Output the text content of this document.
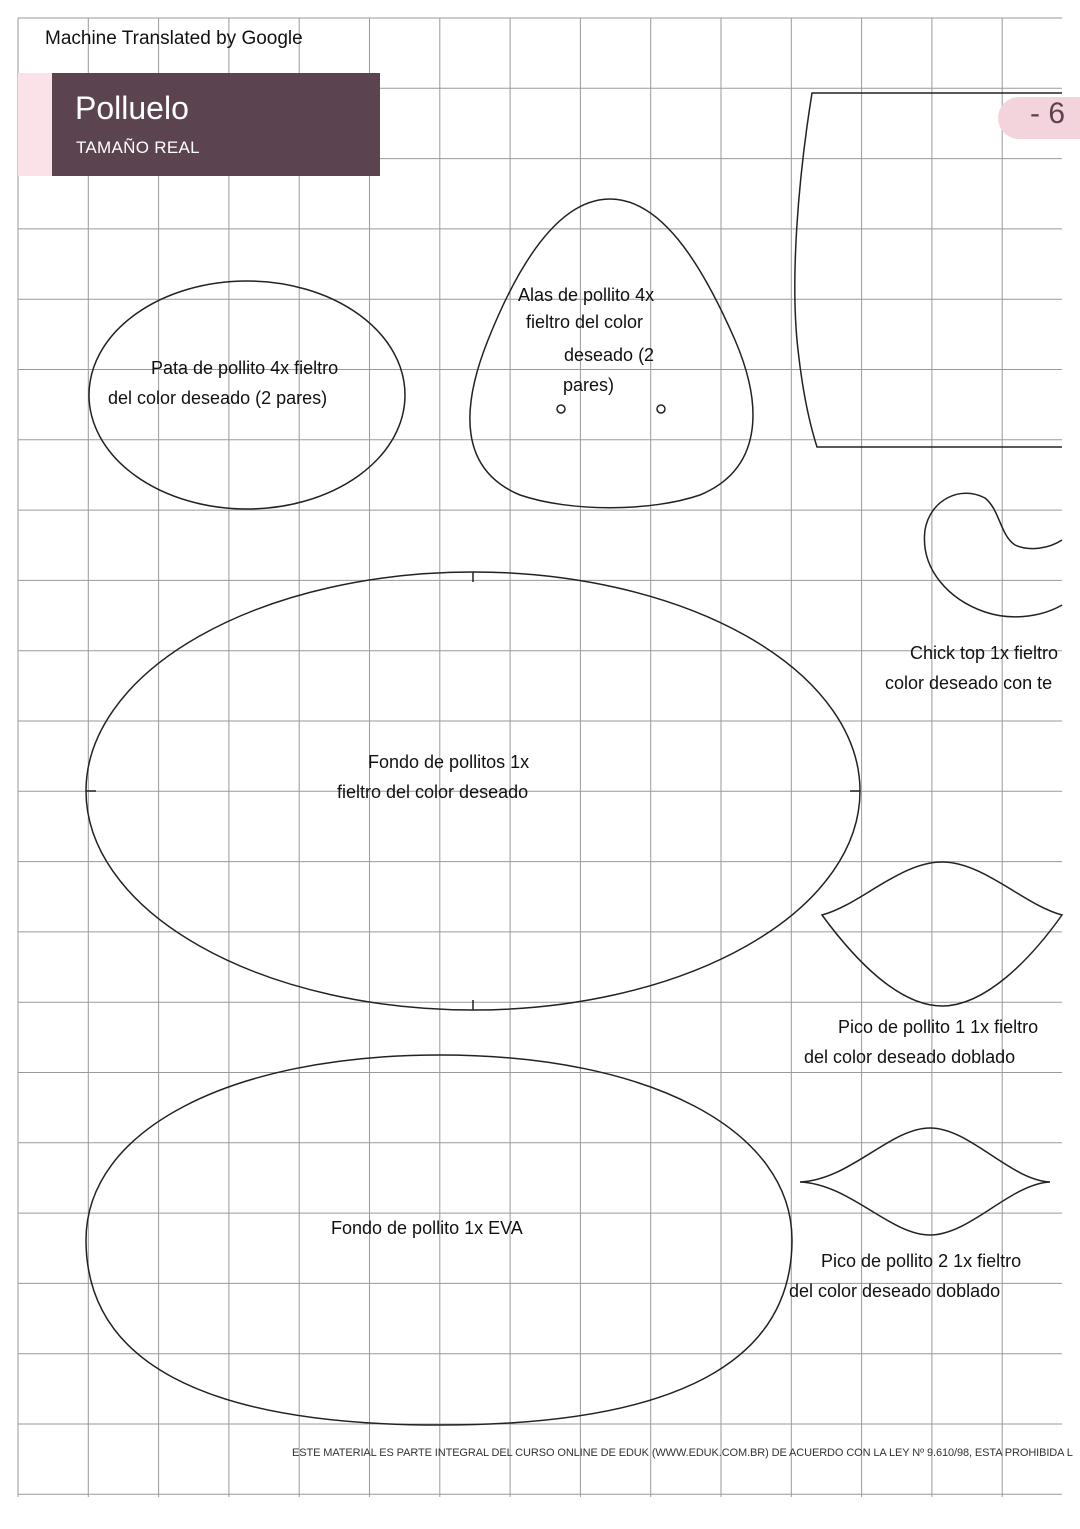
Machine Translated by Google
Polluelo
TAMAÑO REAL
- 6
Pata de pollito 4x fieltro
del color deseado (2 pares)
Alas de pollito 4x
fieltro del color
deseado (2
pares)
Chick top 1x fieltro
color deseado con te
Fondo de pollitos 1x
fieltro del color deseado
Pico de pollito 1 1x fieltro
del color deseado doblado
Fondo de pollito 1x EVA
Pico de pollito 2 1x fieltro
del color deseado doblado
ESTE MATERIAL ES PARTE INTEGRAL DEL CURSO ONLINE DE EDUK (WWW.EDUK.COM.BR) DE ACUERDO CON LA LEY Nº 9.610/98, ESTA PROHIBIDA L
